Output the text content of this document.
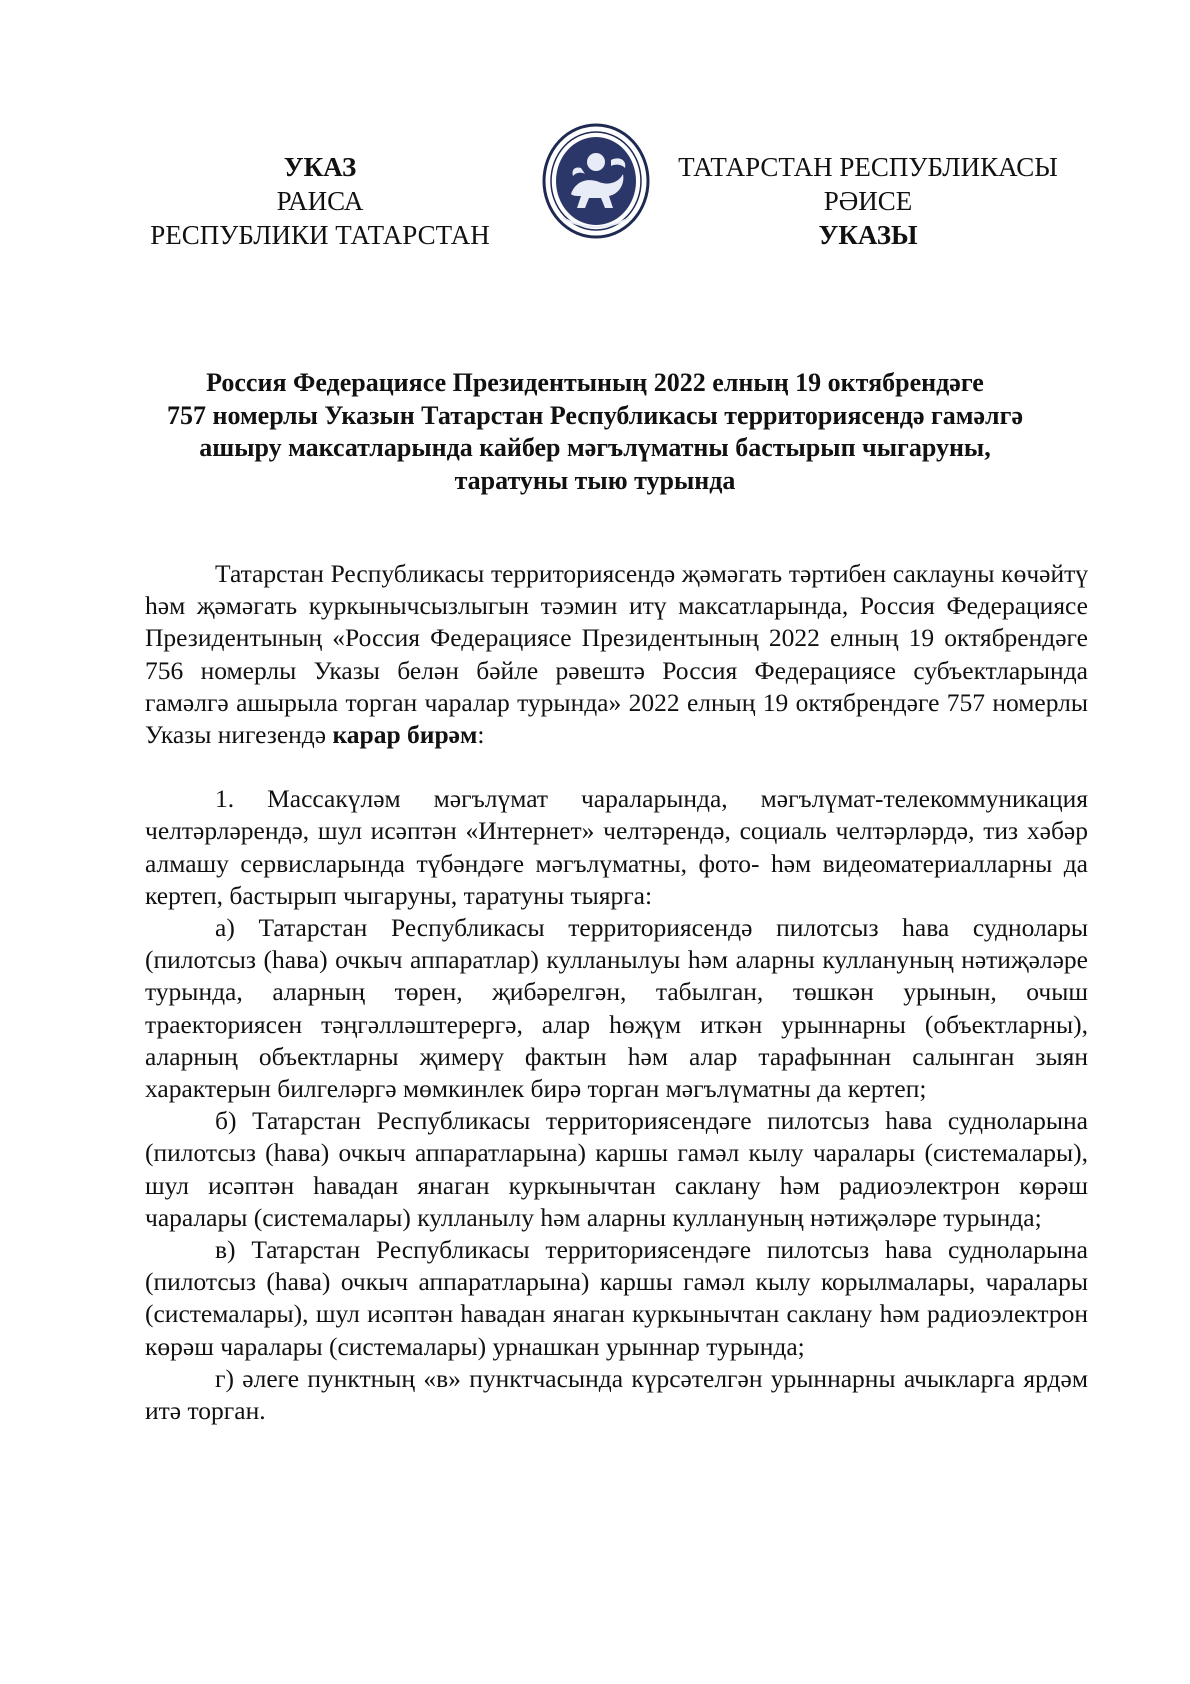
УКАЗ
РАИСА
РЕСПУБЛИКИ ТАТАРСТАН
ТАТАРСТАН РЕСПУБЛИКАСЫ
РӘИСЕ
УКАЗЫ
Россия Федерациясе Президентының 2022 елның 19 октябрендәге
757 номерлы Указын Татарстан Республикасы территориясендә гамәлгә
ашыру максатларында кайбер мәгълүматны бастырып чыгаруны,
таратуны тыю турында

Татарстан Республикасы территориясендә җәмәгать тәртибен саклауны көчәйтү һәм җәмәгать куркынычсызлыгын тәэмин итү максатларында, Россия Федерациясе Президентының «Россия Федерациясе Президентының 2022 елның 19 октябрендәге 756 номерлы Указы белән бәйле рәвештә Россия Федерациясе субъектларында гамәлгә ашырыла торган чаралар турында» 2022 елның 19 октябрендәге 757 номерлы Указы нигезендә карар бирәм:

1. Массакүләм мәгълүмат чараларында, мәгълүмат-телекоммуникация челтәрләрендә, шул исәптән «Интернет» челтәрендә, социаль челтәрләрдә, тиз хәбәр алмашу сервисларында түбәндәге мәгълүматны, фото- һәм видеоматериалларны да кертеп, бастырып чыгаруны, таратуны тыярга:

а) Татарстан Республикасы территориясендә пилотсыз һава суднолары (пилотсыз (һава) очкыч аппаратлар) кулланылуы һәм аларны куллануның нәтиҗәләре турында, аларның төрен, җибәрелгән, табылган, төшкән урынын, очыш траекториясен тәңгәлләштерергә, алар һөҗүм иткән урыннарны (объектларны), аларның объектларны җимерү фактын һәм алар тарафыннан салынган зыян характерын билгеләргә мөмкинлек бирә торган мәгълүматны да кертеп;

б) Татарстан Республикасы территориясендәге пилотсыз һава судноларына (пилотсыз (һава) очкыч аппаратларына) каршы гамәл кылу чаралары (системалары), шул исәптән һавадан янаган куркынычтан саклану һәм радиоэлектрон көрәш чаралары (системалары) кулланылу һәм аларны куллануның нәтиҗәләре турында;

в) Татарстан Республикасы территориясендәге пилотсыз һава судноларына (пилотсыз (һава) очкыч аппаратларына) каршы гамәл кылу корылмалары, чаралары (системалары), шул исәптән һавадан янаган куркынычтан саклану һәм радиоэлектрон көрәш чаралары (системалары) урнашкан урыннар турында;

г) әлеге пунктның «в» пунктчасында күрсәтелгән урыннарны ачыкларга ярдәм итә торган.
